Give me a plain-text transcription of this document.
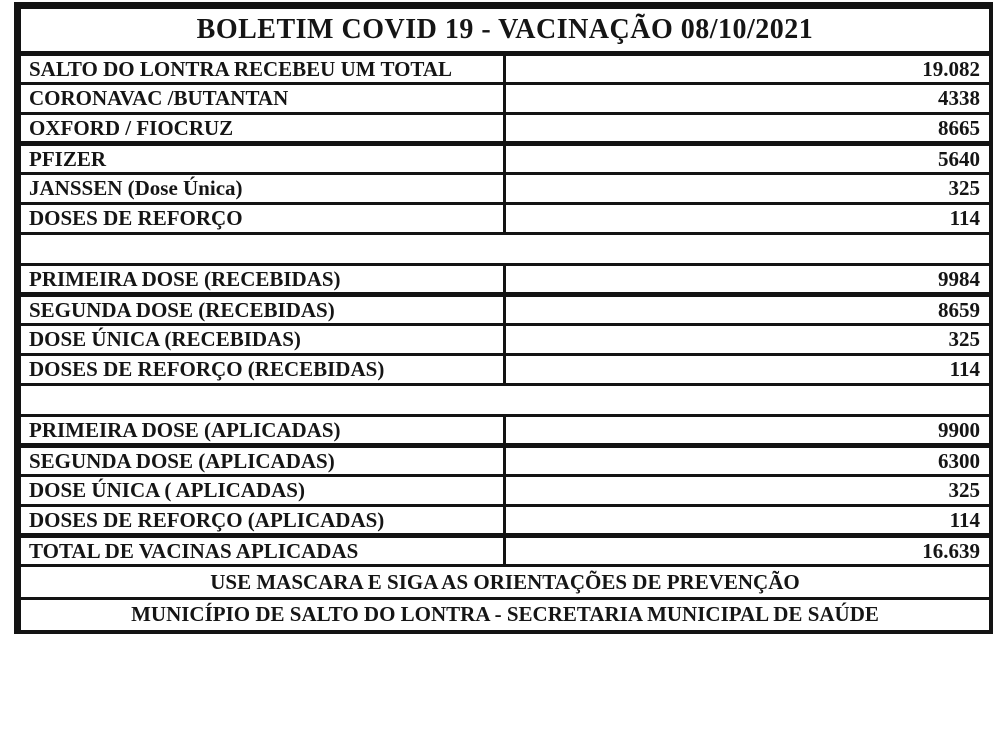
BOLETIM COVID 19 - VACINAÇÃO 08/10/2021	
SALTO DO LONTRA RECEBEU UM TOTAL	19.082
CORONAVAC /BUTANTAN	4338
OXFORD / FIOCRUZ	8665
PFIZER	5640
JANSSEN (Dose Única)	325
DOSES DE REFORÇO	114

PRIMEIRA DOSE (RECEBIDAS)	9984
SEGUNDA DOSE (RECEBIDAS)	8659
DOSE ÚNICA (RECEBIDAS)	325
DOSES DE REFORÇO (RECEBIDAS)	114

PRIMEIRA DOSE (APLICADAS)	9900
SEGUNDA DOSE (APLICADAS)	6300
DOSE ÚNICA ( APLICADAS)	325
DOSES DE REFORÇO (APLICADAS)	114
TOTAL DE VACINAS APLICADAS	16.639
USE MASCARA E SIGA AS ORIENTAÇÕES DE PREVENÇÃO	
MUNICÍPIO DE SALTO DO LONTRA - SECRETARIA MUNICIPAL DE SAÚDE	
